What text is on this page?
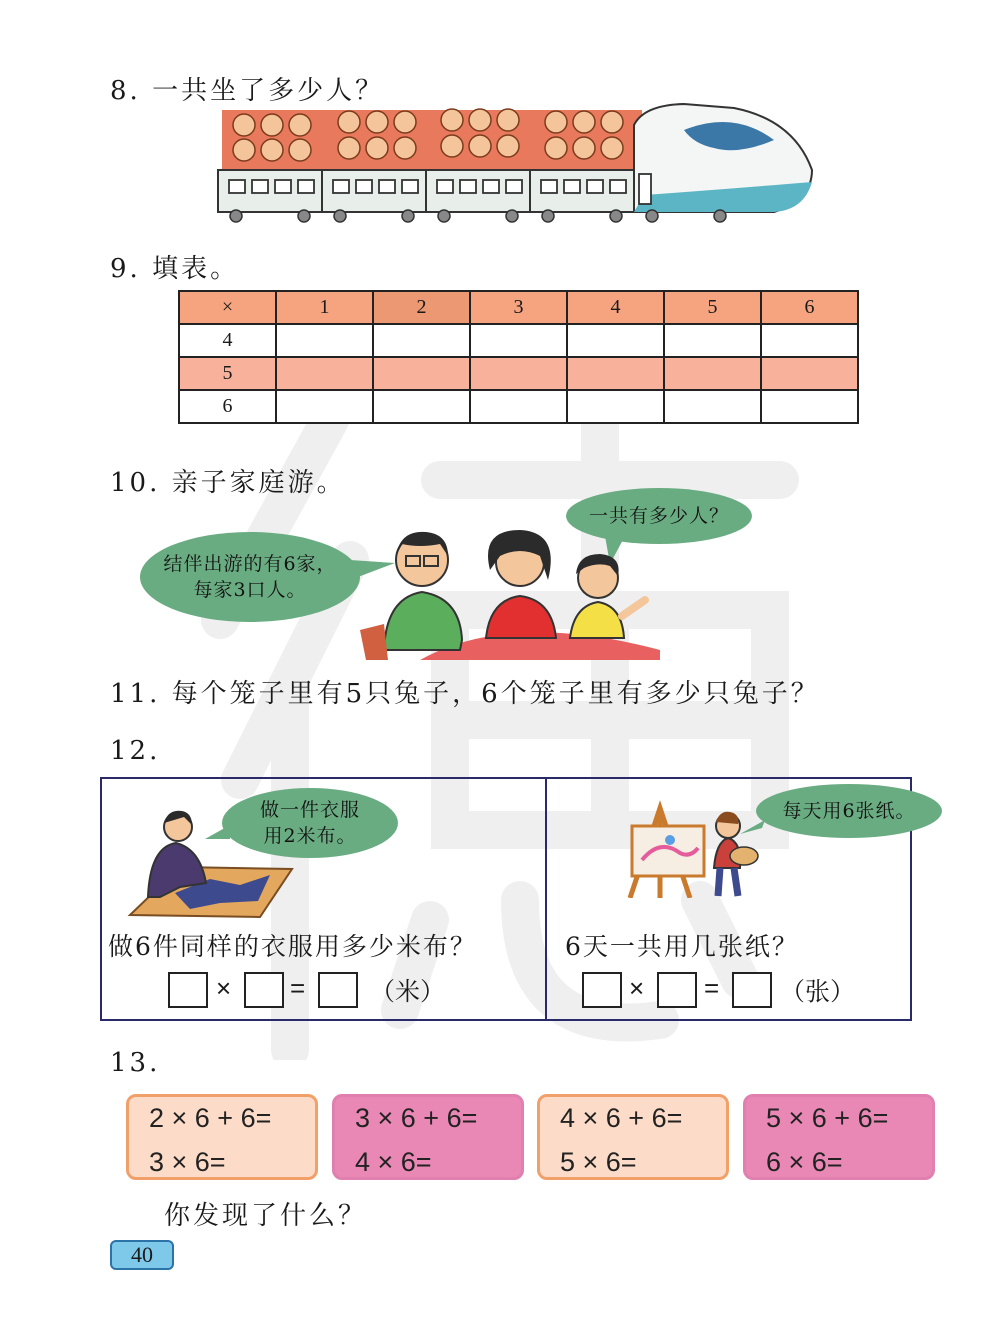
8. 一共坐了多少人？
9. 填表。
×	1	2	3	4	5	6
4						
5						
6						
10. 亲子家庭游。
结伴出游的有6家，
每家3口人。
一共有多少人？
11. 每个笼子里有5只兔子，6个笼子里有多少只兔子？
12.
做一件衣服
用2米布。
做6件同样的衣服用多少米布？
× =	（米）
每天用6张纸。
6天一共用几张纸？
× = （张）
13.
2 × 6 + 6=
3 × 6=
3 × 6 + 6=
4 × 6=
4 × 6 + 6=
5 × 6=
5 × 6 + 6=
6 × 6=
你发现了什么？
40
